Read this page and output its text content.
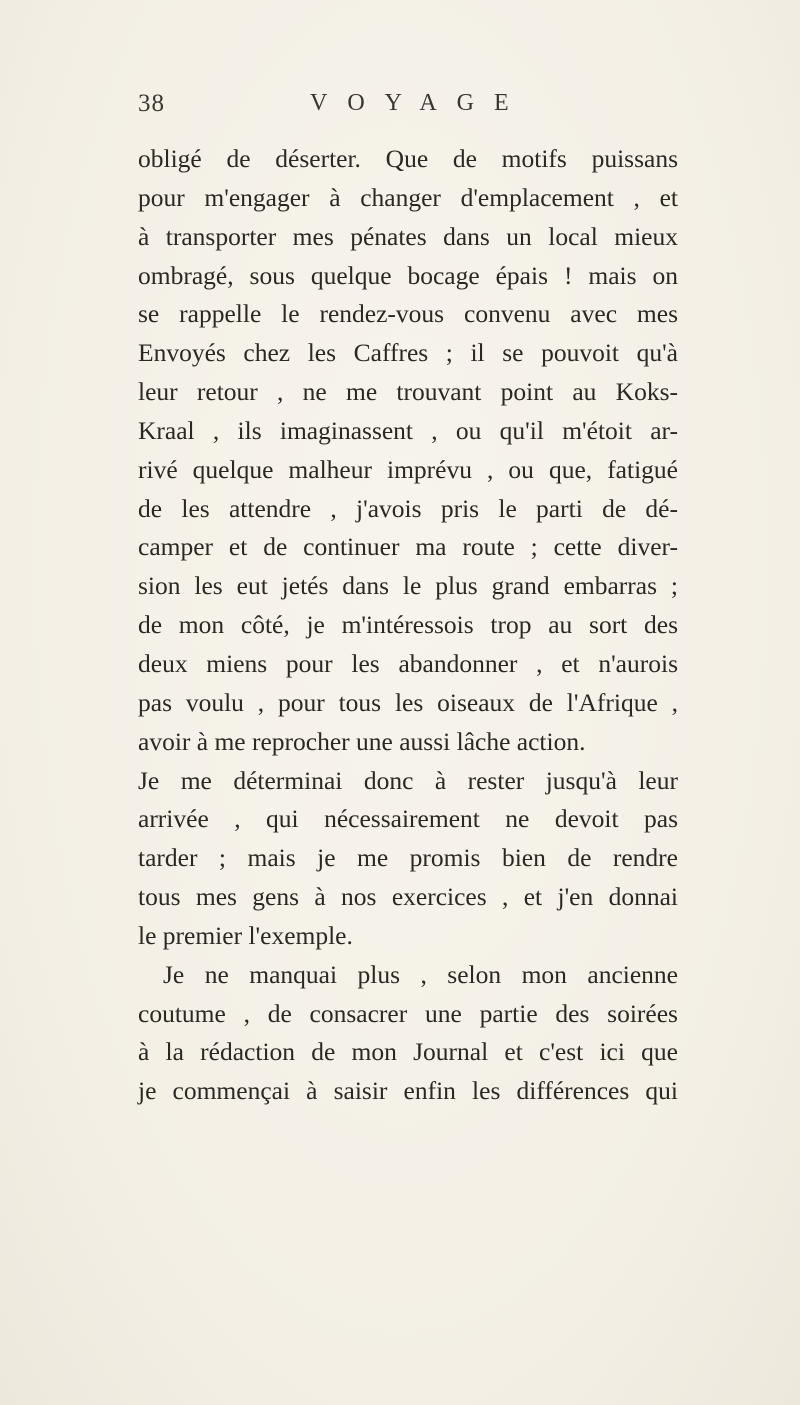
38	VOYAGE
obligé de déserter. Que de motifs puissans
pour m'engager à changer d'emplacement , et
à transporter mes pénates dans un local mieux
ombragé, sous quelque bocage épais ! mais on
se rappelle le rendez-vous convenu avec mes
Envoyés chez les Caffres ; il se pouvoit qu'à
leur retour , ne me trouvant point au Koks-
Kraal , ils imaginassent , ou qu'il m'étoit ar-
rivé quelque malheur imprévu , ou que, fatigué
de les attendre , j'avois pris le parti de dé-
camper et de continuer ma route ; cette diver-
sion les eut jetés dans le plus grand embarras ;
de mon côté, je m'intéressois trop au sort des
deux miens pour les abandonner , et n'aurois
pas voulu , pour tous les oiseaux de l'Afrique ,
avoir à me reprocher une aussi lâche action.
Je me déterminai donc à rester jusqu'à leur
arrivée , qui nécessairement ne devoit pas
tarder ; mais je me promis bien de rendre
tous mes gens à nos exercices , et j'en donnai
le premier l'exemple.
Je ne manquai plus , selon mon ancienne
coutume , de consacrer une partie des soirées
à la rédaction de mon Journal et c'est ici que
je commençai à saisir enfin les différences qui
